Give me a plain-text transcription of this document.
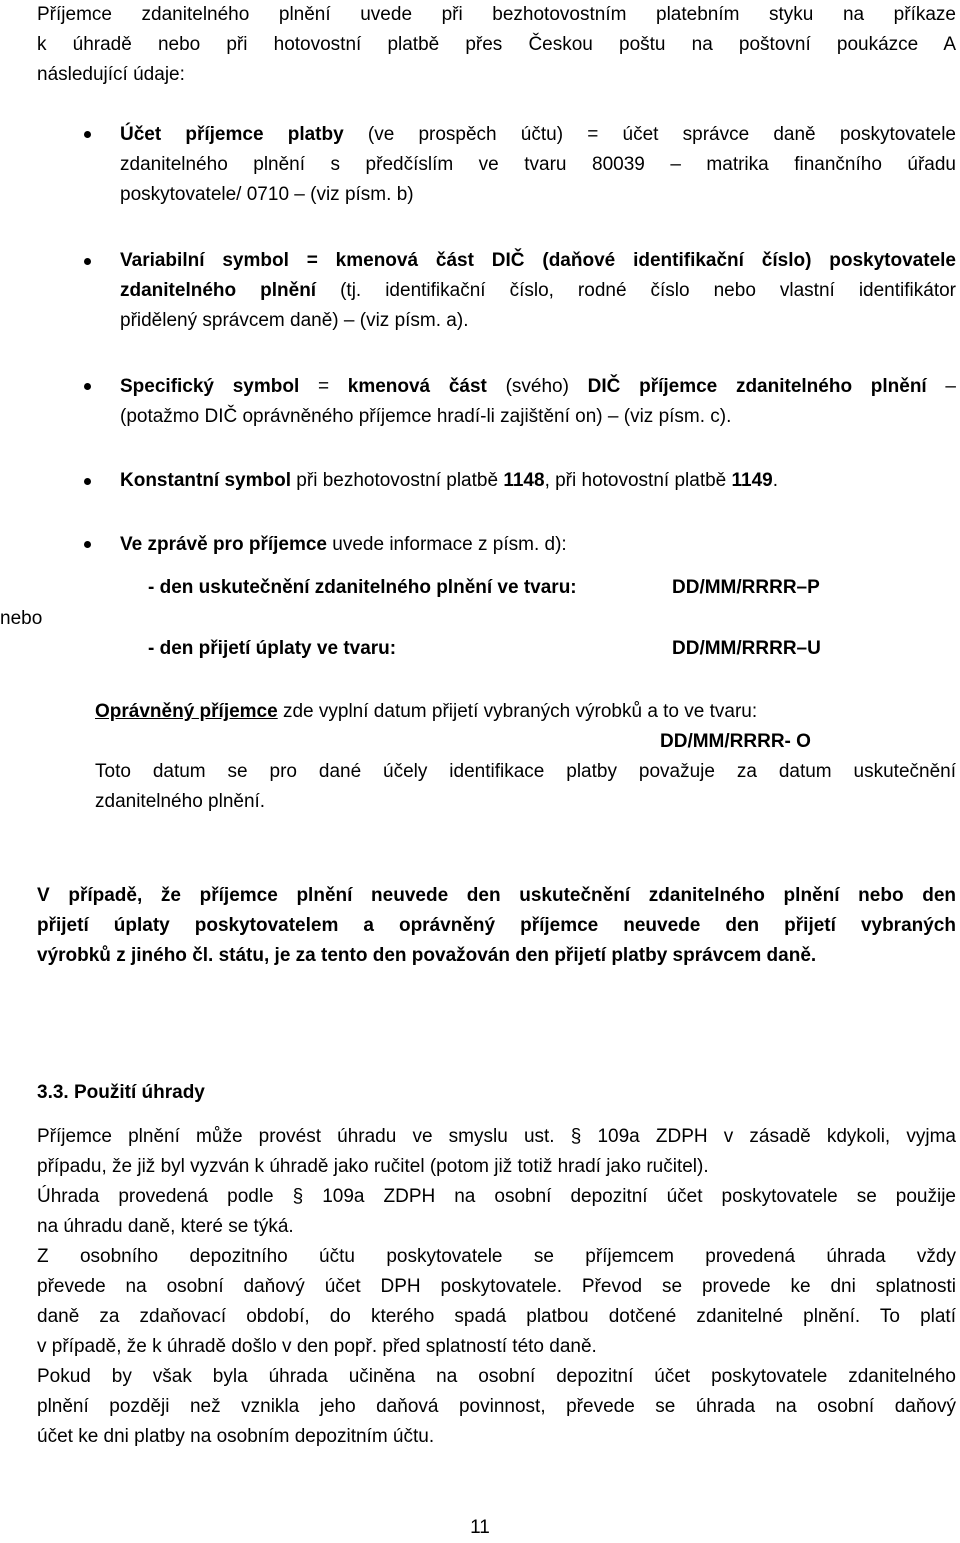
Příjemce zdanitelného plnění uvede při bezhotovostním platebním styku na příkaze
k úhradě nebo při hotovostní platbě přes Českou poštu na poštovní poukázce A
následující údaje:
Účet příjemce platby (ve prospěch účtu) = účet správce daně poskytovatele
zdanitelného plnění s předčíslím ve tvaru 80039 – matrika finančního úřadu
poskytovatele/ 0710 – (viz písm. b)
Variabilní symbol = kmenová část DIČ (daňové identifikační číslo) poskytovatele
zdanitelného plnění (tj. identifikační číslo, rodné číslo nebo vlastní identifikátor
přidělený správcem daně) – (viz písm. a).
Specifický symbol = kmenová část (svého) DIČ příjemce zdanitelného plnění –
(potažmo DIČ oprávněného příjemce hradí-li zajištění on) – (viz písm. c).
Konstantní symbol při bezhotovostní platbě 1148, při hotovostní platbě 1149.
Ve zprávě pro příjemce uvede informace z písm. d):
- den uskutečnění zdanitelného plnění ve tvaru:	DD/MM/RRRR–P
nebo
- den přijetí úplaty ve tvaru:	DD/MM/RRRR–U
Oprávněný příjemce zde vyplní datum přijetí vybraných výrobků a to ve tvaru:
DD/MM/RRRR- O
Toto datum se pro dané účely identifikace platby považuje za datum uskutečnění
zdanitelného plnění.
V případě, že příjemce plnění neuvede den uskutečnění zdanitelného plnění nebo den
přijetí úplaty poskytovatelem a oprávněný příjemce neuvede den přijetí vybraných
výrobků z jiného čl. státu, je za tento den považován den přijetí platby správcem daně.
3.3. Použití úhrady
Příjemce plnění může provést úhradu ve smyslu ust. § 109a ZDPH v zásadě kdykoli, vyjma
případu, že již byl vyzván k úhradě jako ručitel (potom již totiž hradí jako ručitel).
Úhrada provedená podle § 109a ZDPH na osobní depozitní účet poskytovatele se použije
na úhradu daně, které se týká.
Z osobního depozitního účtu poskytovatele se příjemcem provedená úhrada vždy
převede na osobní daňový účet DPH poskytovatele. Převod se provede ke dni splatnosti
daně za zdaňovací období, do kterého spadá platbou dotčené zdanitelné plnění. To platí
v případě, že k úhradě došlo v den popř. před splatností této daně.
Pokud by však byla úhrada učiněna na osobní depozitní účet poskytovatele zdanitelného
plnění později než vznikla jeho daňová povinnost, převede se úhrada na osobní daňový
účet ke dni platby na osobním depozitním účtu.
11
